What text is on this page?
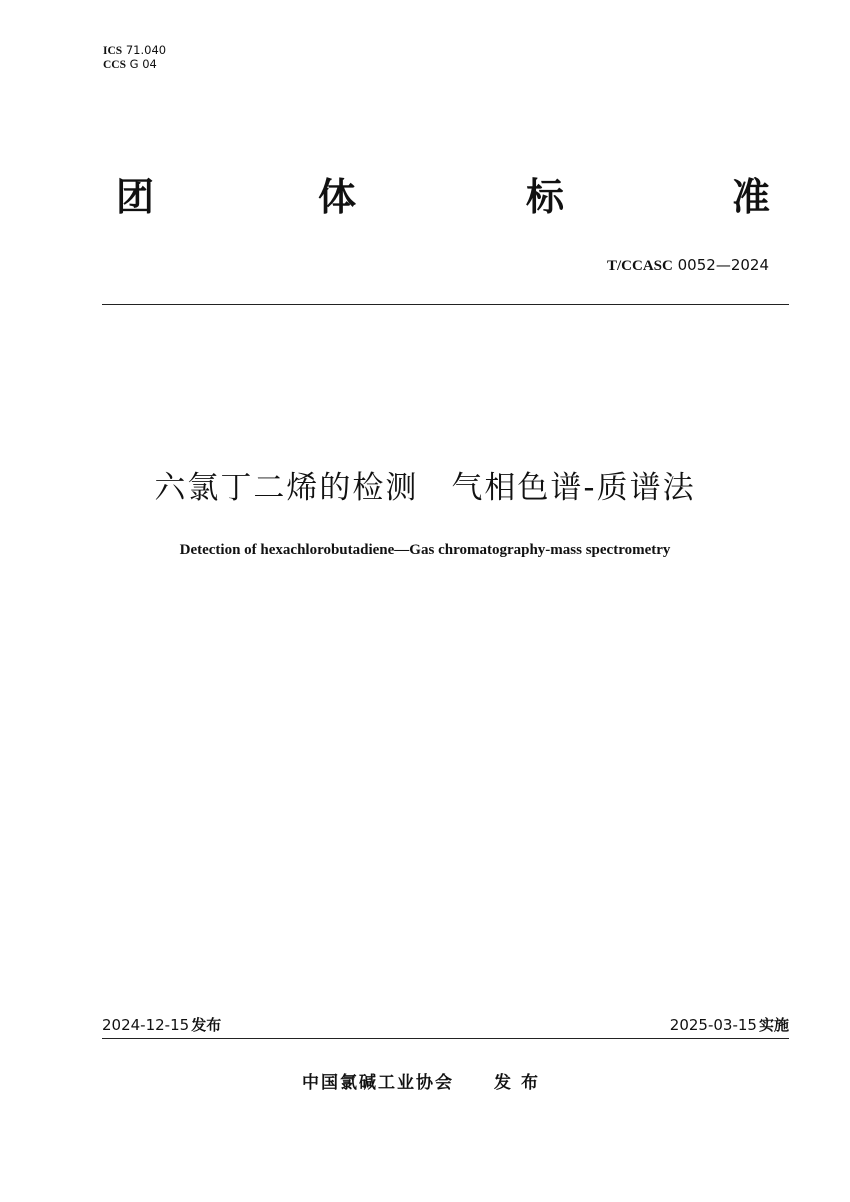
ICS 71.040
CCS G 04
团	体	标	准
T/CCASC 0052—2024
六氯丁二烯的检测　气相色谱-质谱法
Detection of hexachlorobutadiene—Gas chromatography-mass spectrometry
2024-12-15 发布	2025-03-15 实施
中国氯碱工业协会 发布
